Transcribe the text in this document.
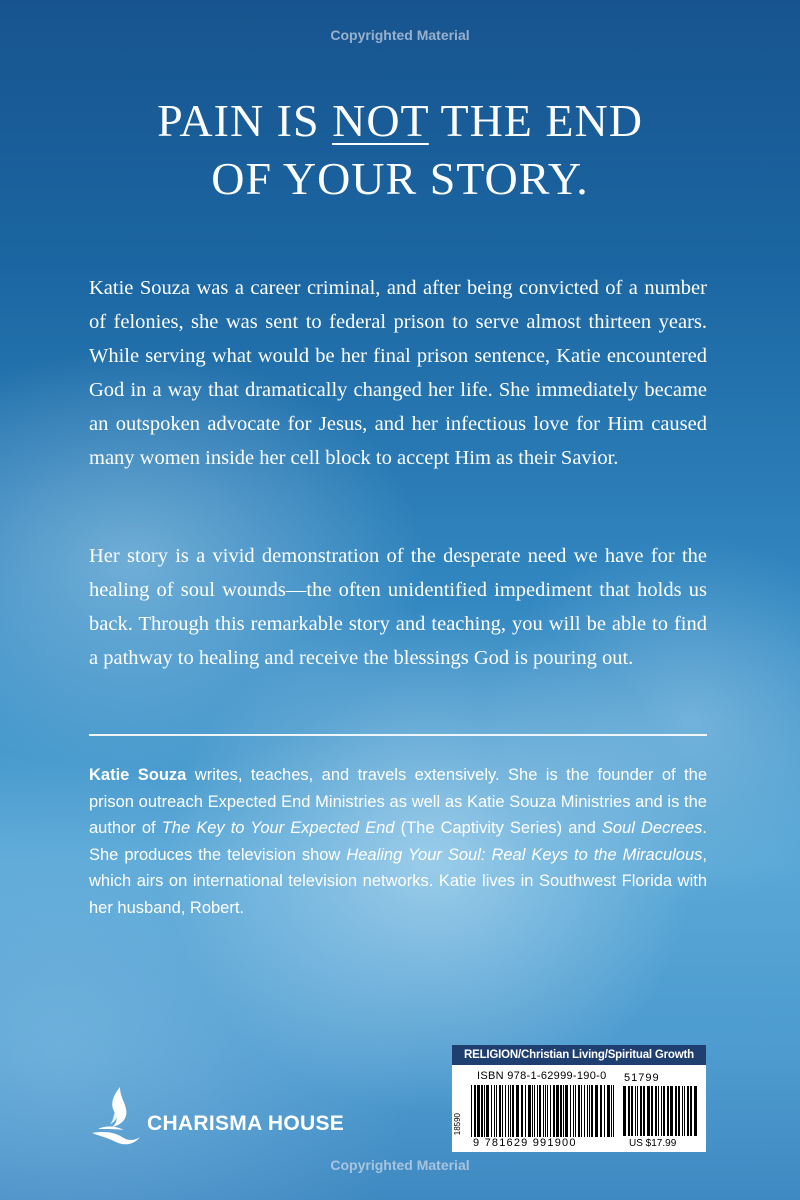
Copyrighted Material
PAIN IS NOT THE END
OF YOUR STORY.

Katie Souza was a career criminal, and after being convicted of a number of felonies, she was sent to federal prison to serve almost thirteen years. While serving what would be her final prison sentence, Katie encountered God in a way that dramatically changed her life. She immediately became an outspoken advocate for Jesus, and her infectious love for Him caused many women inside her cell block to accept Him as their Savior.

Her story is a vivid demonstration of the desperate need we have for the healing of soul wounds—the often unidentified impediment that holds us back. Through this remarkable story and teaching, you will be able to find a pathway to healing and receive the blessings God is pouring out.

Katie Souza writes, teaches, and travels extensively. She is the founder of the prison outreach Expected End Ministries as well as Katie Souza Ministries and is the author of The Key to Your Expected End (The Captivity Series) and Soul Decrees. She produces the television show Healing Your Soul: Real Keys to the Miraculous, which airs on international television networks. Katie lives in Southwest Florida with her husband, Robert.

CHARISMA HOUSE
RELIGION/Christian Living/Spiritual Growth
18590
ISBN 978-1-62999-190-0 51799
9 781629 991900	US $17.99
Copyrighted Material
